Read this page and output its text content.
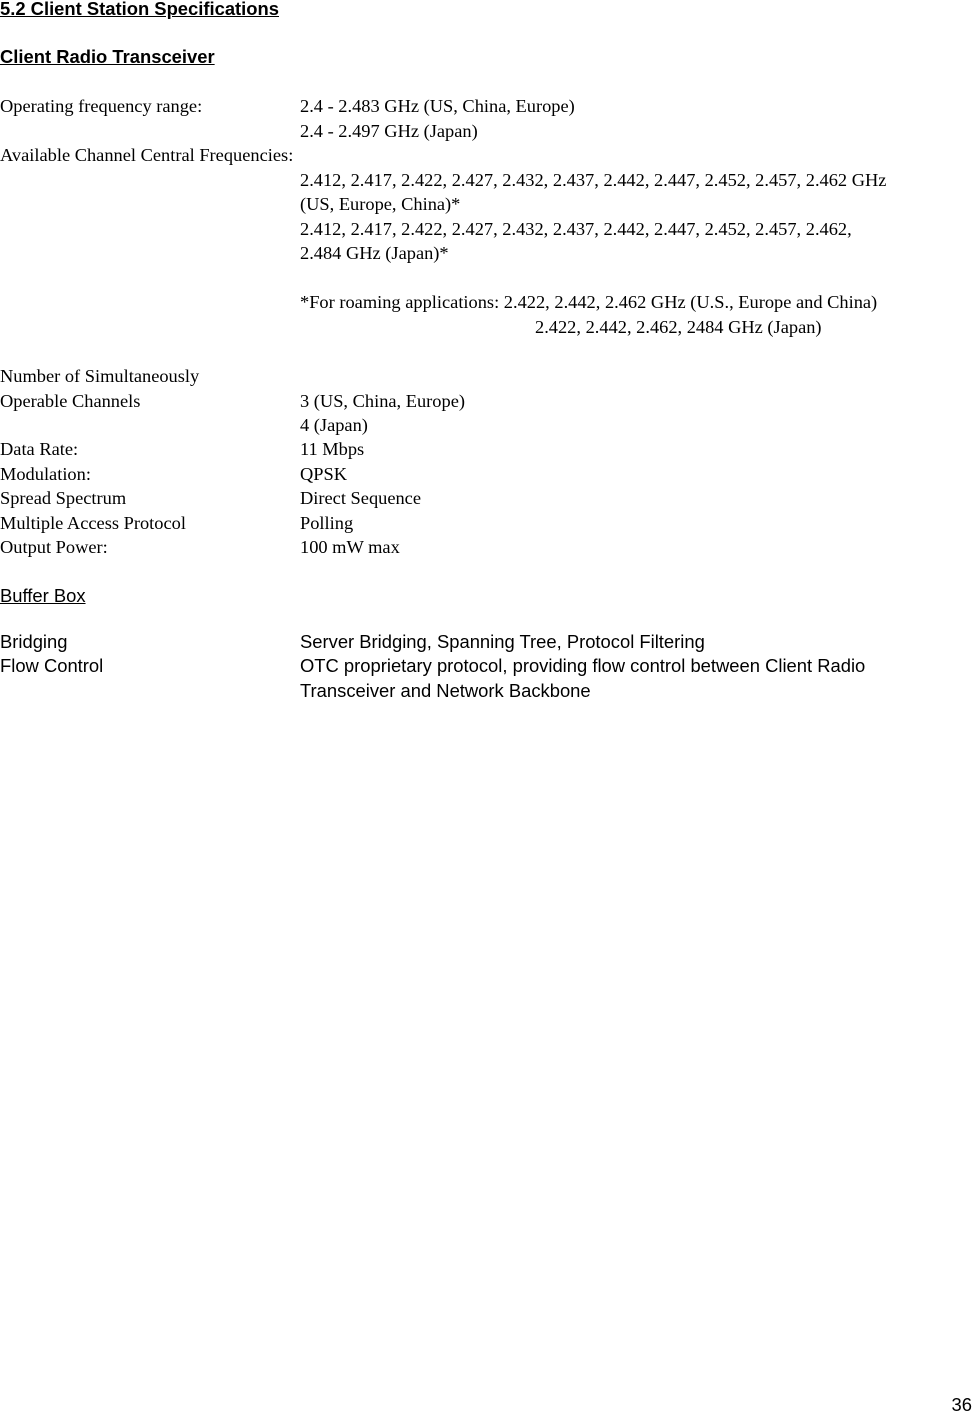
5.2 Client Station Specifications
Client Radio Transceiver
Operating frequency range:	2.4 - 2.483 GHz (US, China, Europe)
2.4 - 2.497 GHz (Japan)
Available Channel Central Frequencies:
2.412, 2.417, 2.422, 2.427, 2.432, 2.437, 2.442, 2.447, 2.452, 2.457, 2.462 GHz
(US, Europe, China)*
2.412, 2.417, 2.422, 2.427, 2.432, 2.437, 2.442, 2.447, 2.452, 2.457, 2.462,
2.484 GHz (Japan)*
*For roaming applications: 2.422, 2.442, 2.462 GHz (U.S., Europe and China)
2.422, 2.442, 2.462, 2484 GHz (Japan)
Number of Simultaneously
Operable Channels	3 (US, China, Europe)
4 (Japan)
Data Rate:	11 Mbps
Modulation:	QPSK
Spread Spectrum	Direct Sequence
Multiple Access Protocol	Polling
Output Power:	100 mW max
Buffer Box
Bridging	Server Bridging, Spanning Tree, Protocol Filtering
Flow Control	OTC proprietary protocol, providing flow control between Client Radio
Transceiver and Network Backbone
36
